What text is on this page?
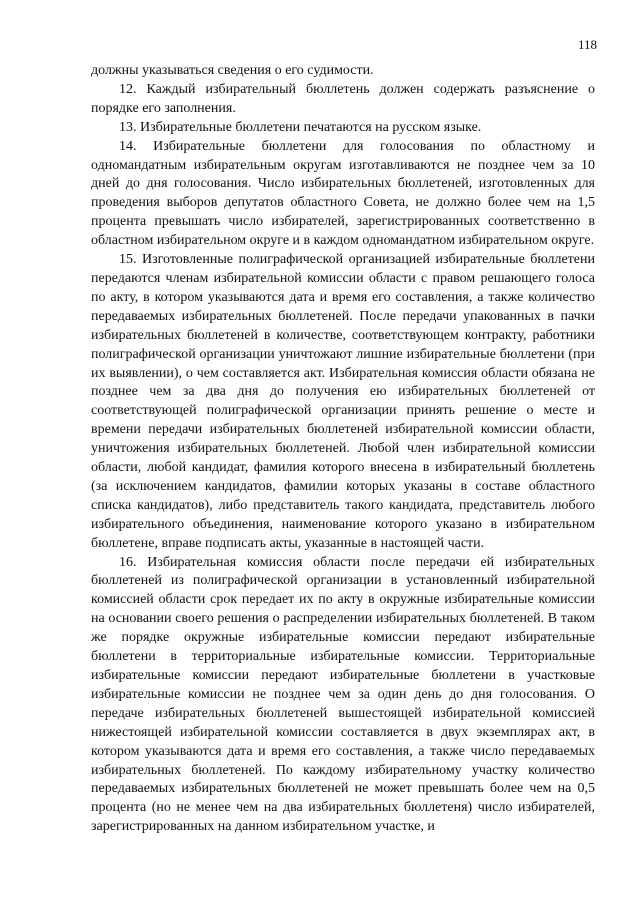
118

должны указываться сведения о его судимости.

12. Каждый избирательный бюллетень должен содержать разъяснение о порядке его заполнения.

13. Избирательные бюллетени печатаются на русском языке.

14. Избирательные бюллетени для голосования по областному и одномандатным избирательным округам изготавливаются не позднее чем за 10 дней до дня голосования. Число избирательных бюллетеней, изготовленных для проведения выборов депутатов областного Совета, не должно более чем на 1,5 процента превышать число избирателей, зарегистрированных соответственно в областном избирательном округе и в каждом одномандатном избирательном округе.

15. Изготовленные полиграфической организацией избирательные бюллетени передаются членам избирательной комиссии области с правом решающего голоса по акту, в котором указываются дата и время его составления, а также количество передаваемых избирательных бюллетеней. После передачи упакованных в пачки избирательных бюллетеней в количестве, соответствующем контракту, работники полиграфической организации уничтожают лишние избирательные бюллетени (при их выявлении), о чем составляется акт. Избирательная комиссия области обязана не позднее чем за два дня до получения ею избирательных бюллетеней от соответствующей полиграфической организации принять решение о месте и времени передачи избирательных бюллетеней избирательной комиссии области, уничтожения избирательных бюллетеней. Любой член избирательной комиссии области, любой кандидат, фамилия которого внесена в избирательный бюллетень (за исключением кандидатов, фамилии которых указаны в составе областного списка кандидатов), либо представитель такого кандидата, представитель любого избирательного объединения, наименование которого указано в избирательном бюллетене, вправе подписать акты, указанные в настоящей части.

16. Избирательная комиссия области после передачи ей избирательных бюллетеней из полиграфической организации в установленный избирательной комиссией области срок передает их по акту в окружные избирательные комиссии на основании своего решения о распределении избирательных бюллетеней. В таком же порядке окружные избирательные комиссии передают избирательные бюллетени в территориальные избирательные комиссии. Территориальные избирательные комиссии передают избирательные бюллетени в участковые избирательные комиссии не позднее чем за один день до дня голосования. О передаче избирательных бюллетеней вышестоящей избирательной комиссией нижестоящей избирательной комиссии составляется в двух экземплярах акт, в котором указываются дата и время его составления, а также число передаваемых избирательных бюллетеней. По каждому избирательному участку количество передаваемых избирательных бюллетеней не может превышать более чем на 0,5 процента (но не менее чем на два избирательных бюллетеня) число избирателей, зарегистрированных на данном избирательном участке, и
